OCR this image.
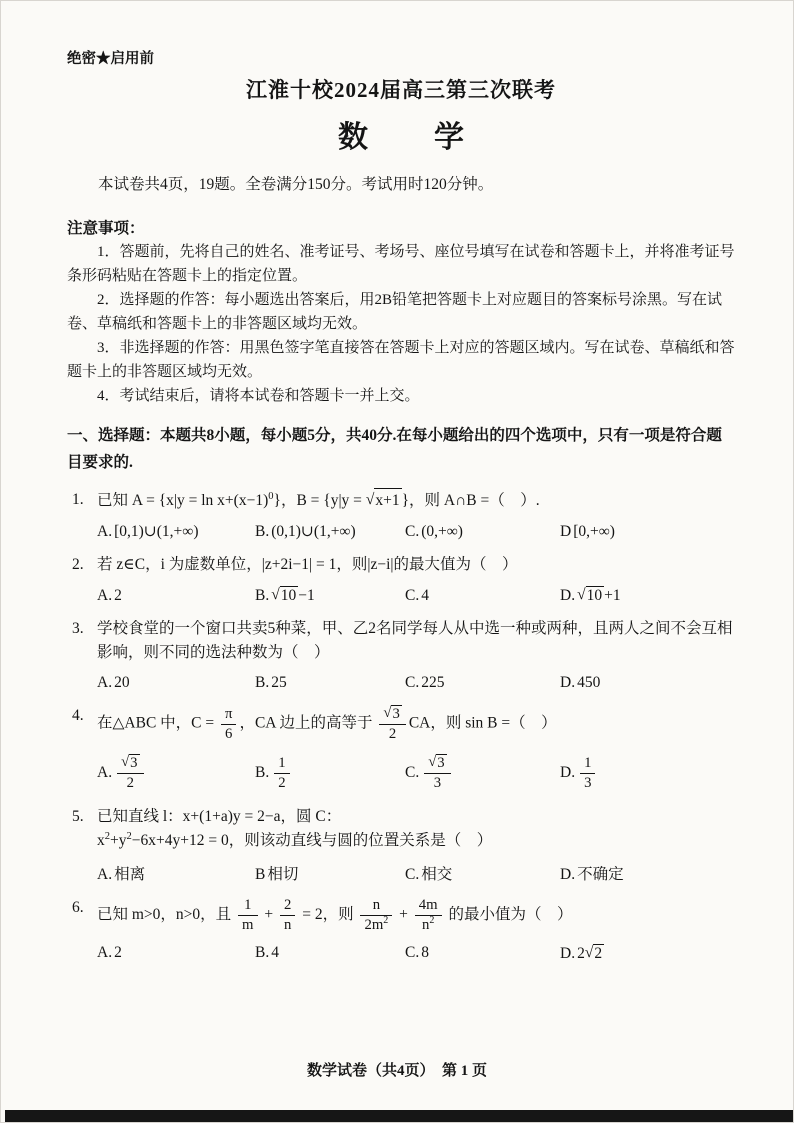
绝密★启用前
江淮十校2024届高三第三次联考
数　学
本试卷共4页，19题。全卷满分150分。考试用时120分钟。
注意事项：

1．答题前，先将自己的姓名、准考证号、考场号、座位号填写在试卷和答题卡上，并将准考证号条形码粘贴在答题卡上的指定位置。

2．选择题的作答：每小题选出答案后，用2B铅笔把答题卡上对应题目的答案标号涂黑。写在试卷、草稿纸和答题卡上的非答题区域均无效。

3．非选择题的作答：用黑色签字笔直接答在答题卡上对应的答题区域内。写在试卷、草稿纸和答题卡上的非答题区域均无效。

4．考试结束后，请将本试卷和答题卡一并上交。

一、选择题：本题共8小题，每小题5分，共40分.在每小题给出的四个选项中，只有一项是符合题目要求的.
1. 已知 $A = \{x|y = \ln x+(x-1)^0\}$，B = {y|y = √x+1 }，则 A∩B =（　）.
A. [0,1)∪(1,+∞)	B. (0,1)∪(1,+∞)	C. (0,+∞)	D [0,+∞)
2. 若 z∈C，i 为虚数单位，|z+2i−1| = 1，则|z−i|的最大值为（　）
A. 2	B. √10 −1	C. 4	D. √10 +1
3. 学校食堂的一个窗口共卖5种菜，甲、乙2名同学每人从中选一种或两种，且两人之间不会互相影响，则不同的选法种数为（　）
A. 20	B. 25	C. 225	D. 450
4. 在△ABC 中，$C = \frac{\pi}{6}$ ，CA 边上的高等于 $\frac{√3}{2}$ CA，则 sin B =（　）
A. $\frac{√3}{2}$	B. $\frac{1}{2}$	C. $\frac{√3}{3}$	D. $\frac{1}{3}$
5. 已知直线 l：x+(1+a)y = 2−a，圆 C：$x^2+y^2-6x+4y+12 = 0$，则该动直线与圆的位置关系是（　）
A. 相离	B 相切	C. 相交	D. 不确定
6. 已知 m>0，n>0，且 $\frac{1}{m} + \frac{2}{n} = 2$，则 $\frac{n}{2m^2} + \frac{4m}{n^2}$ 的最小值为（　）
A. 2	B. 4	C. 8	D. 2√2
数学试卷（共4页）　第 1 页
